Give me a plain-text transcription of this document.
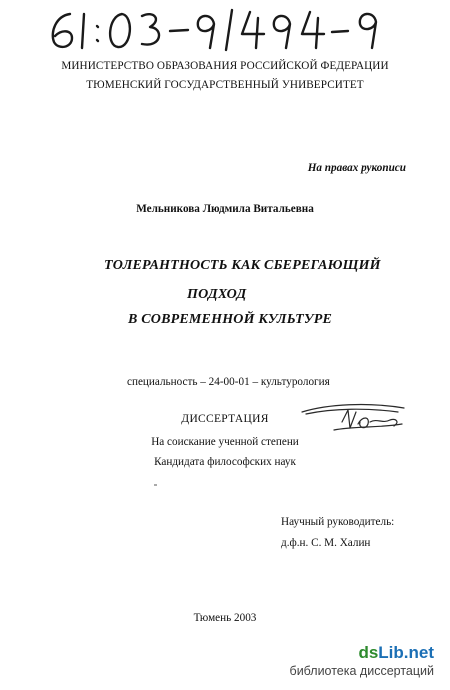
МИНИСТЕРСТВО ОБРАЗОВАНИЯ РОССИЙСКОЙ ФЕДЕРАЦИИ
ТЮМЕНСКИЙ ГОСУДАРСТВЕННЫЙ УНИВЕРСИТЕТ
На правах рукописи
Мельникова Людмила Витальевна
ТОЛЕРАНТНОСТЬ КАК СБЕРЕГАЮЩИЙ
ПОДХОД
В СОВРЕМЕННОЙ КУЛЬТУРЕ
специальность – 24-00-01 – культурология
ДИССЕРТАЦИЯ
На соискание ученной степени
Кандидата философских наук
Научный руководитель:
д.ф.н. С. М. Халин
Тюмень 2003
dsLib.net
библиотека диссертаций
